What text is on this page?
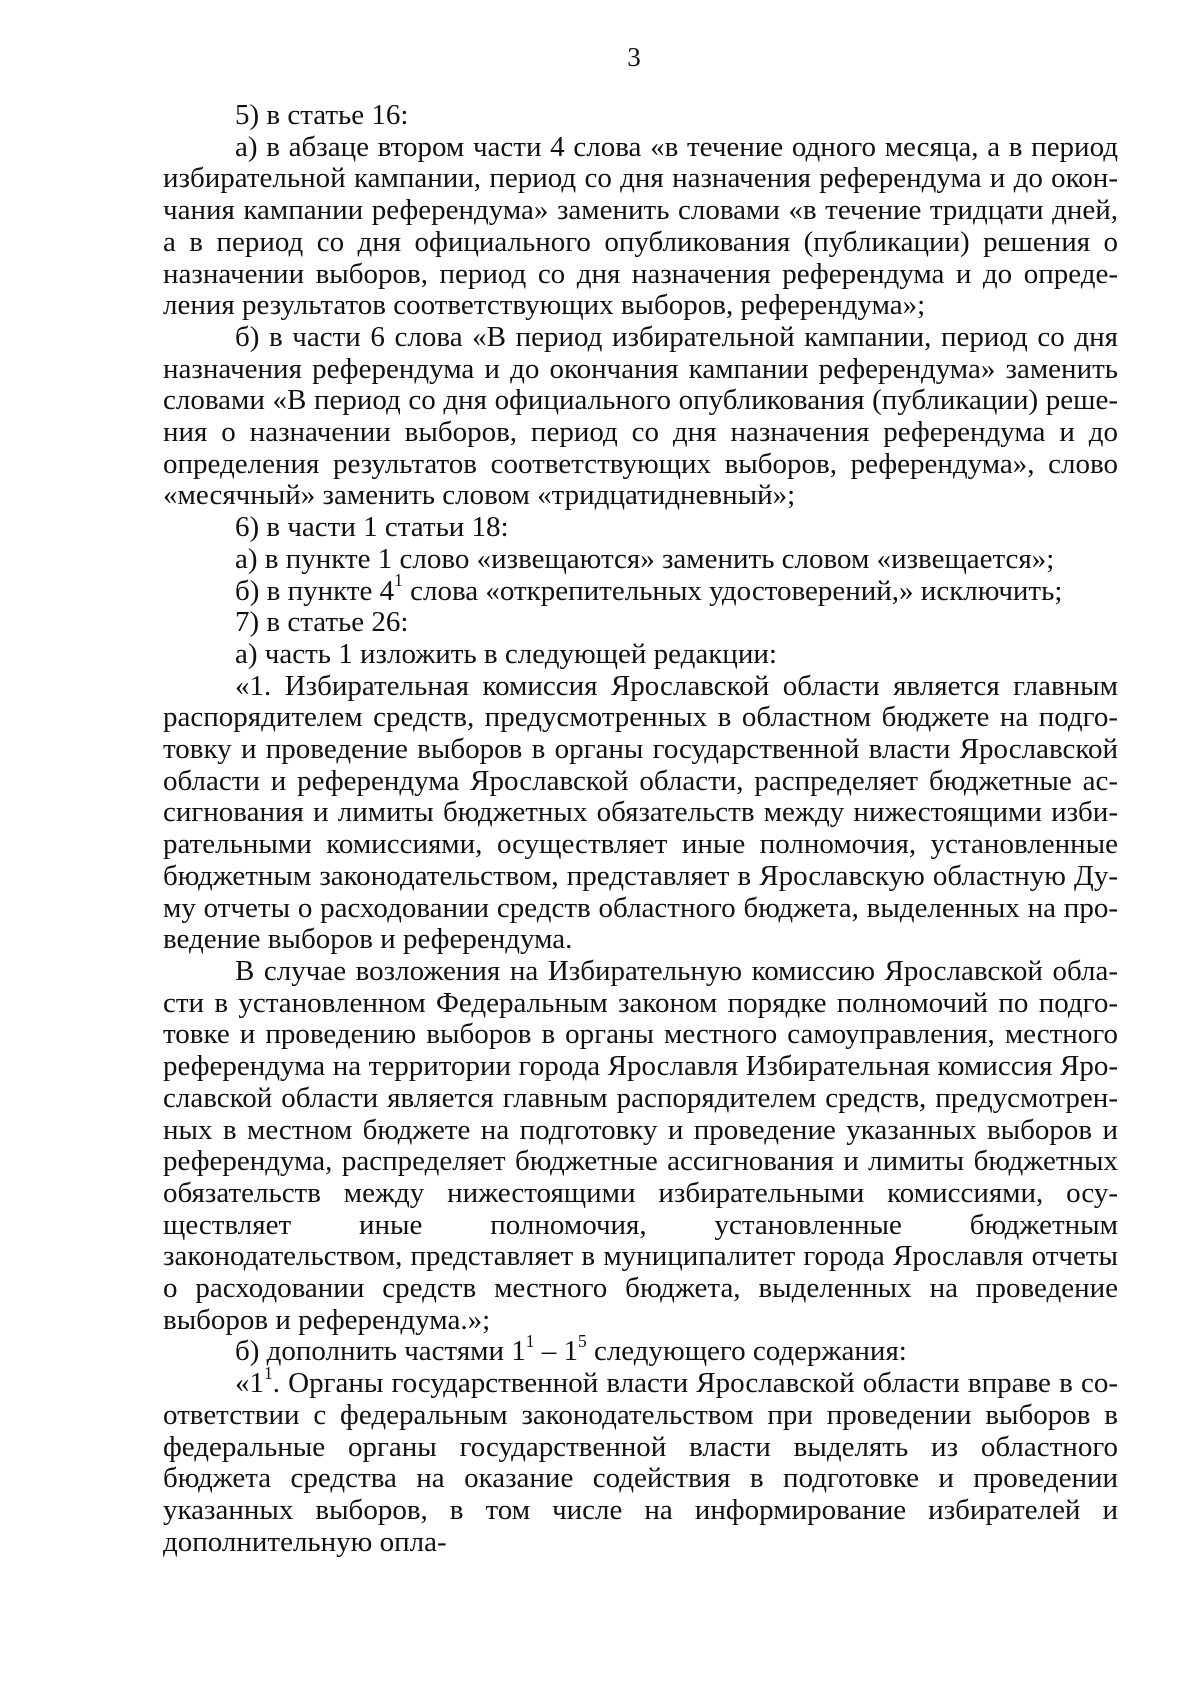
3

5) в статье 16:

а) в абзаце втором части 4 слова «в течение одного месяца, а в период избирательной кампании, период со дня назначения референдума и до окончания кампании референдума» заменить словами «в течение тридцати дней, а в период со дня официального опубликования (публикации) решения о назначении выборов, период со дня назначения референдума и до определения результатов соответствующих выборов, референдума»;

б) в части 6 слова «В период избирательной кампании, период со дня назначения референдума и до окончания кампании референдума» заменить словами «В период со дня официального опубликования (публикации) решения о назначении выборов, период со дня назначения референдума и до определения результатов соответствующих выборов, референдума», слово «месячный» заменить словом «тридцатидневный»;

6) в части 1 статьи 18:

а) в пункте 1 слово «извещаются» заменить словом «извещается»;

б) в пункте $4^1$ слова «открепительных удостоверений,» исключить;

7) в статье 26:

а) часть 1 изложить в следующей редакции:

«1. Избирательная комиссия Ярославской области является главным распорядителем средств, предусмотренных в областном бюджете на подготовку и проведение выборов в органы государственной власти Ярославской области и референдума Ярославской области, распределяет бюджетные ассигнования и лимиты бюджетных обязательств между нижестоящими избирательными комиссиями, осуществляет иные полномочия, установленные бюджетным законодательством, представляет в Ярославскую областную Думу отчеты о расходовании средств областного бюджета, выделенных на проведение выборов и референдума.

В случае возложения на Избирательную комиссию Ярославской области в установленном Федеральным законом порядке полномочий по подготовке и проведению выборов в органы местного самоуправления, местного референдума на территории города Ярославля Избирательная комиссия Ярославской области является главным распорядителем средств, предусмотренных в местном бюджете на подготовку и проведение указанных выборов и референдума, распределяет бюджетные ассигнования и лимиты бюджетных обязательств между нижестоящими избирательными комиссиями, осуществляет иные полномочия, установленные бюджетным законодательством, представляет в муниципалитет города Ярославля отчеты о расходовании средств местного бюджета, выделенных на проведение выборов и референдума.»;

б) дополнить частями $1^1 - 1^5$ следующего содержания:

«$1^1$. Органы государственной власти Ярославской области вправе в соответствии с федеральным законодательством при проведении выборов в федеральные органы государственной власти выделять из областного бюджета средства на оказание содействия в подготовке и проведении указанных выборов, в том числе на информирование избирателей и дополнительную опла-
